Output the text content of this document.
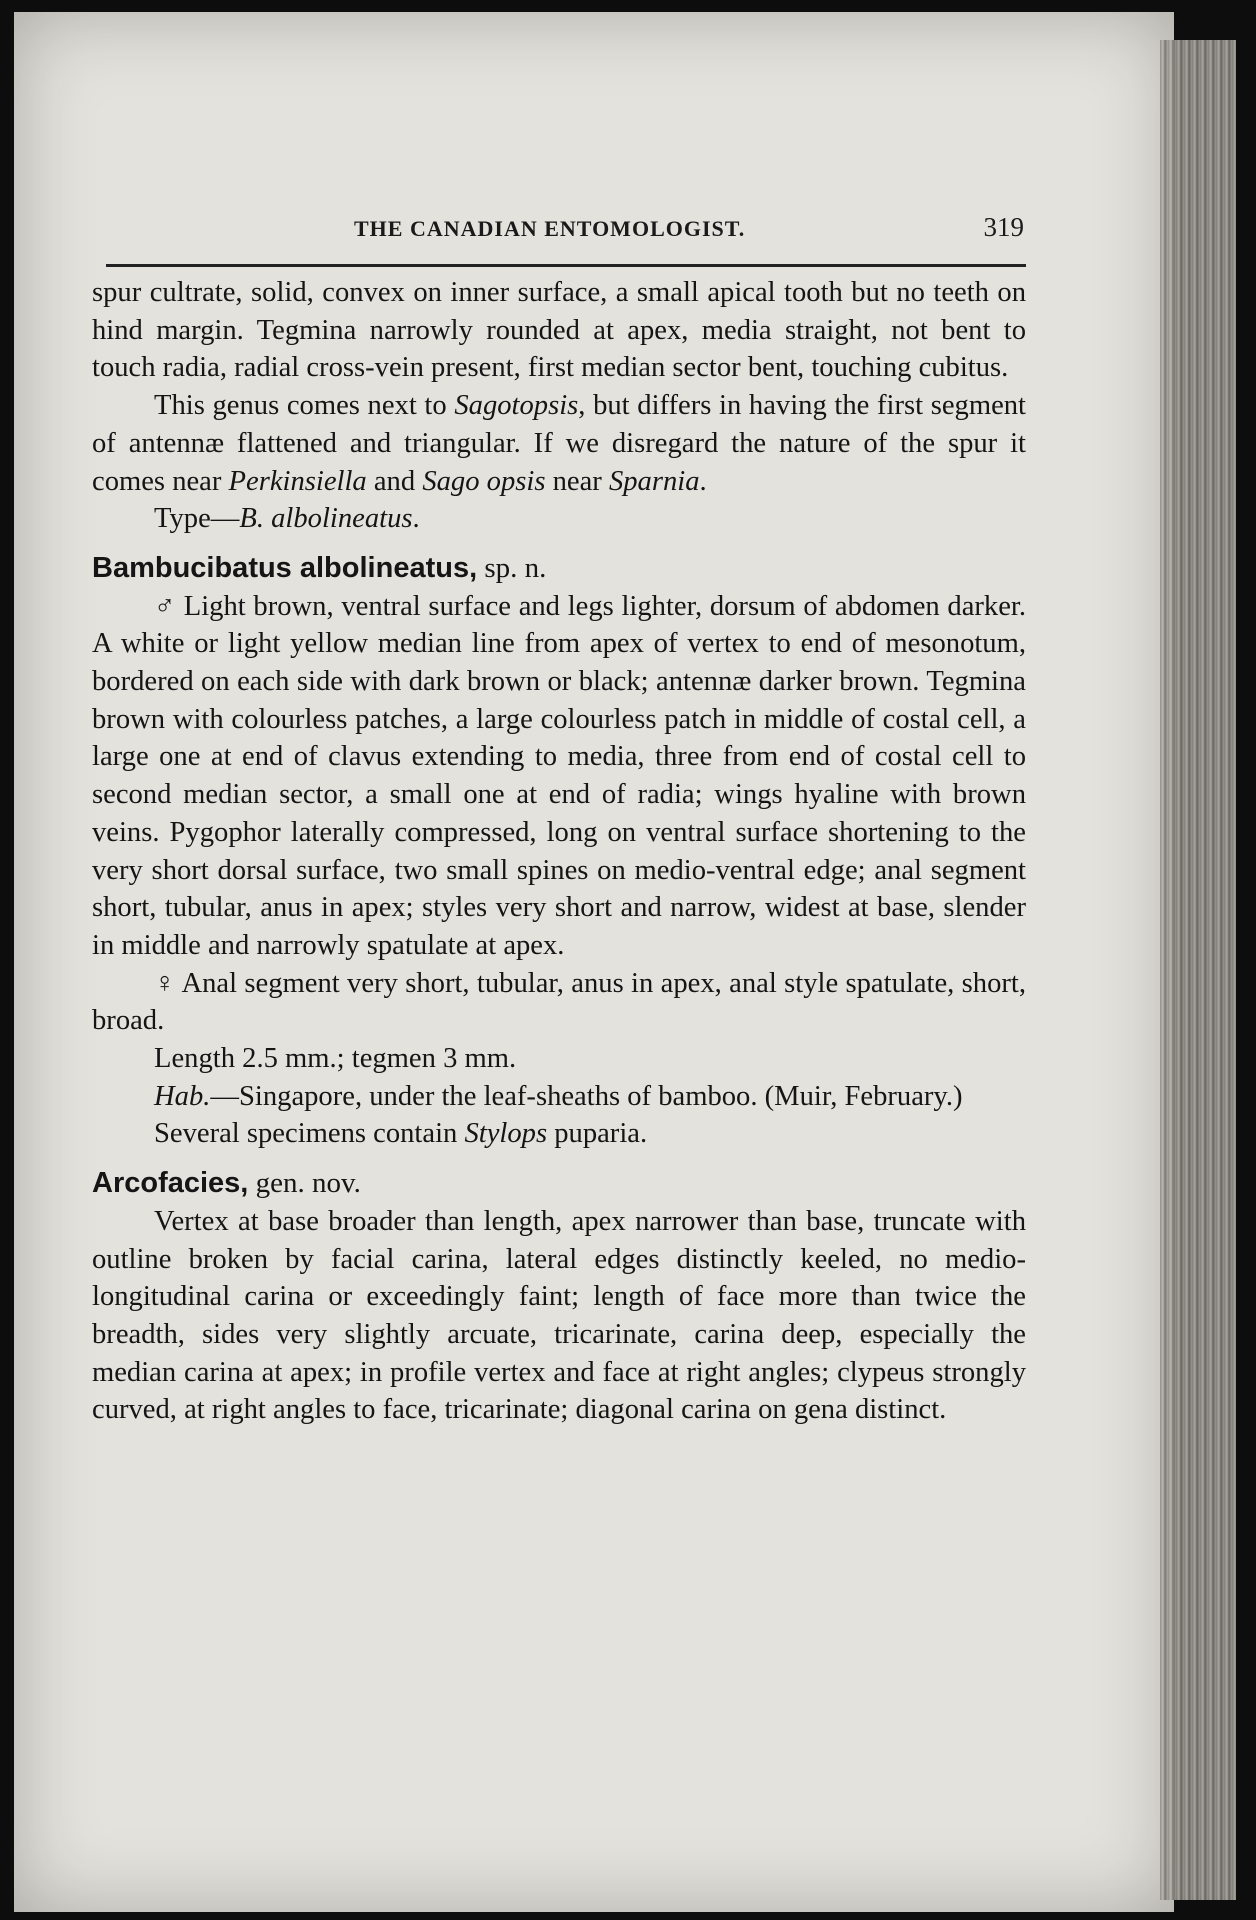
THE CANADIAN ENTOMOLOGIST.	319

spur cultrate, solid, convex on inner surface, a small apical tooth but no teeth on hind margin. Tegmina narrowly rounded at apex, media straight, not bent to touch radia, radial cross-vein present, first median sector bent, touching cubitus.

This genus comes next to Sagotopsis, but differs in having the first segment of antennæ flattened and triangular. If we disregard the nature of the spur it comes near Perkinsiella and Sago opsis near Sparnia.

Type—B. albolineatus.

Bambucibatus albolineatus, sp. n.

♂ Light brown, ventral surface and legs lighter, dorsum of abdomen darker. A white or light yellow median line from apex of vertex to end of mesonotum, bordered on each side with dark brown or black; antennæ darker brown. Tegmina brown with colourless patches, a large colourless patch in middle of costal cell, a large one at end of clavus extending to media, three from end of costal cell to second median sector, a small one at end of radia; wings hyaline with brown veins. Pygophor laterally compressed, long on ventral surface shortening to the very short dorsal surface, two small spines on medio-ventral edge; anal segment short, tubular, anus in apex; styles very short and narrow, widest at base, slender in middle and narrowly spatulate at apex.

♀ Anal segment very short, tubular, anus in apex, anal style spatulate, short, broad.

Length 2.5 mm.; tegmen 3 mm.

Hab.—Singapore, under the leaf-sheaths of bamboo. (Muir, February.)

Several specimens contain Stylops puparia.

Arcofacies, gen. nov.

Vertex at base broader than length, apex narrower than base, truncate with outline broken by facial carina, lateral edges distinctly keeled, no medio-longitudinal carina or exceedingly faint; length of face more than twice the breadth, sides very slightly arcuate, tricarinate, carina deep, especially the median carina at apex; in profile vertex and face at right angles; clypeus strongly curved, at right angles to face, tricarinate; diagonal carina on gena distinct.
